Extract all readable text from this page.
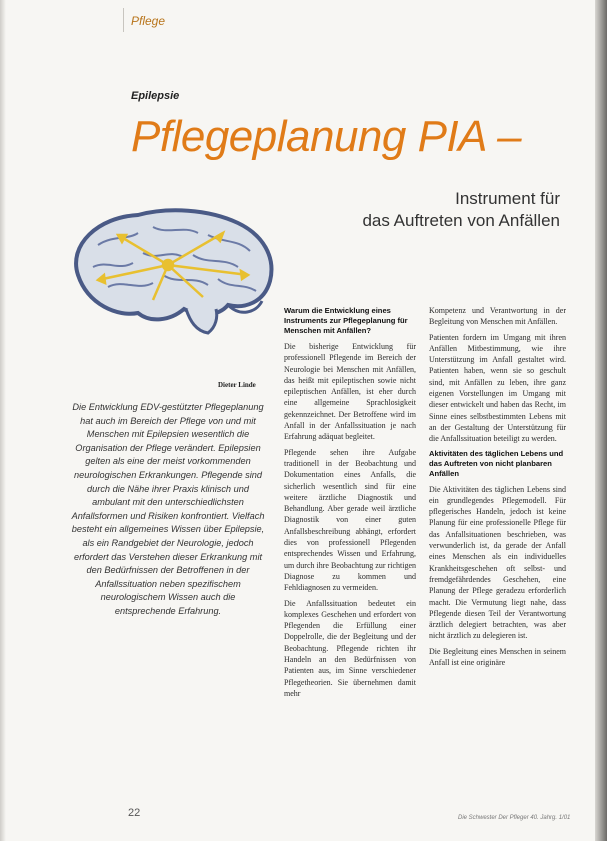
Pflege
Epilepsie
Pflegeplanung PIA –
Instrument für
das Auftreten von Anfällen
Dieter Linde
Die Entwicklung EDV-gestützter Pflegeplanung hat auch im Bereich der Pflege von und mit Menschen mit Epilepsien wesentlich die Organisation der Pflege verändert. Epilepsien gelten als eine der meist vorkommenden neurologischen Erkrankungen. Pflegende sind durch die Nähe ihrer Praxis klinisch und ambulant mit den unterschiedlichsten Anfallsformen und Risiken konfrontiert. Vielfach besteht ein allgemeines Wissen über Epilepsie, als ein Randgebiet der Neurologie, jedoch erfordert das Verstehen dieser Erkrankung mit den Bedürfnissen der Betroffenen in der Anfallssituation neben spezifischem neurologischem Wissen auch die entsprechende Erfahrung.
Warum die Entwicklung eines Instruments zur Pflegeplanung für Menschen mit Anfällen?

Die bisherige Entwicklung für professionell Pflegende im Bereich der Neurologie bei Menschen mit Anfällen, das heißt mit epileptischen sowie nicht epileptischen Anfällen, ist eher durch eine allgemeine Sprachlosigkeit gekennzeichnet. Der Betroffene wird im Anfall in der Anfallssituation je nach Erfahrung adäquat begleitet.

Pflegende sehen ihre Aufgabe traditionell in der Beobachtung und Dokumentation eines Anfalls, die sicherlich wesentlich sind für eine weitere ärztliche Diagnostik und Behandlung. Aber gerade weil ärztliche Diagnostik von einer guten Anfallsbeschreibung abhängt, erfordert dies von professionell Pflegenden entsprechendes Wissen und Erfahrung, um durch ihre Beobachtung zur richtigen Diagnose zu kommen und Fehldiagnosen zu vermeiden.

Die Anfallssituation bedeutet ein komplexes Geschehen und erfordert von Pflegenden die Erfüllung einer Doppelrolle, die der Begleitung und der Beobachtung. Pflegende richten ihr Handeln an den Bedürfnissen von Patienten aus, im Sinne verschiedener Pflegetheorien. Sie übernehmen damit mehr

Kompetenz und Verantwortung in der Begleitung von Menschen mit Anfällen.

Patienten fordern im Umgang mit ihren Anfällen Mitbestimmung, wie ihre Unterstützung im Anfall gestaltet wird. Patienten haben, wenn sie so geschult sind, mit Anfällen zu leben, ihre ganz eigenen Vorstellungen im Umgang mit dieser entwickelt und haben das Recht, im Sinne eines selbstbestimmten Lebens mit an der Gestaltung der Unterstützung für die Anfallssituation beteiligt zu werden.

Aktivitäten des täglichen Lebens und das Auftreten von nicht planbaren Anfällen

Die Aktivitäten des täglichen Lebens sind ein grundlegendes Pflegemodell. Für pflegerisches Handeln, jedoch ist keine Planung für eine professionelle Pflege für das Anfallsituationen beschrieben, was verwunderlich ist, da gerade der Anfall eines Menschen als ein individuelles Krankheitsgeschehen oft selbst- und fremdgefährdendes Geschehen, eine Planung der Pflege geradezu erforderlich macht. Die Vermutung liegt nahe, dass Pflegende diesen Teil der Verantwortung ärztlich delegiert betrachten, was aber nicht ärztlich zu delegieren ist.

Die Begleitung eines Menschen in seinem Anfall ist eine originäre

22	Die Schwester Der Pfleger 40. Jahrg. 1/01
